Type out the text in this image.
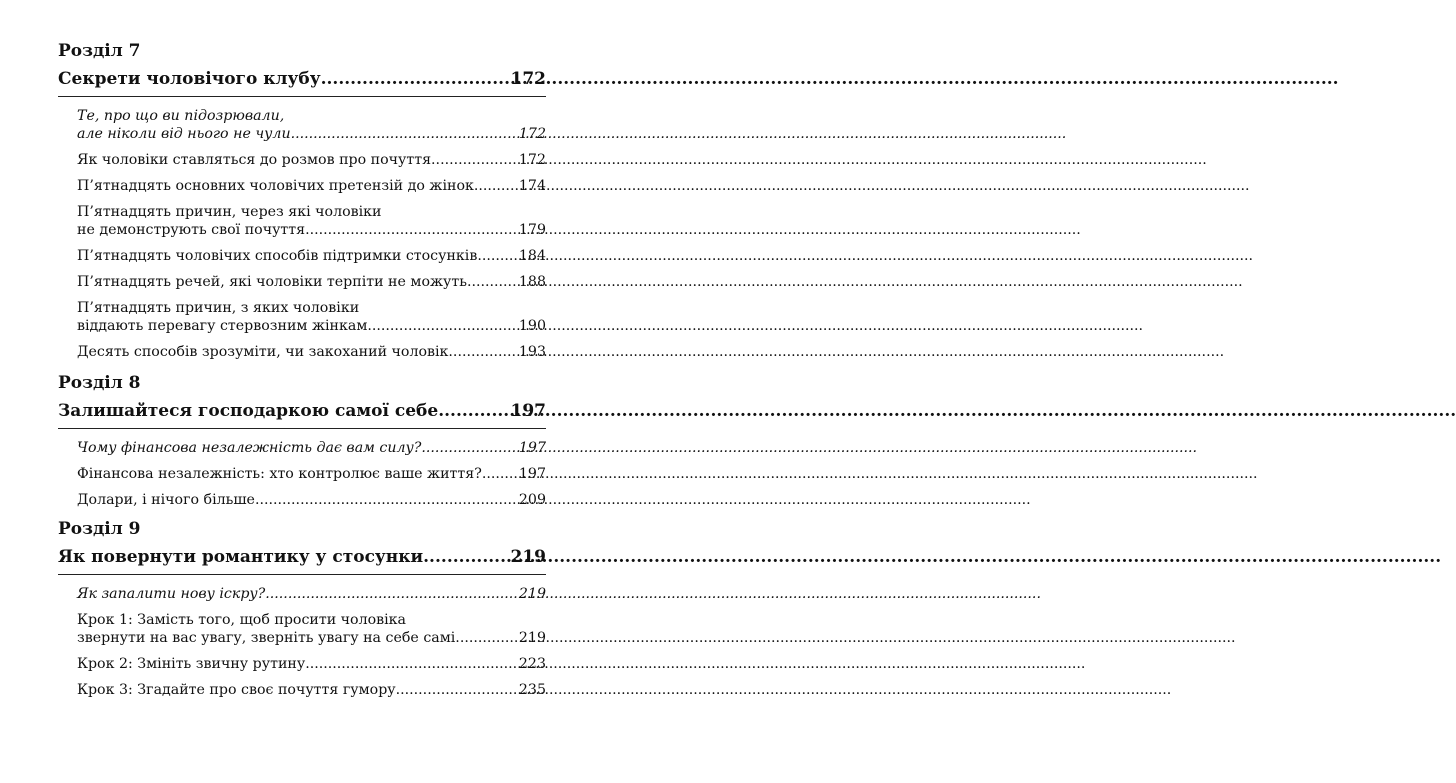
Розділ 7
Секрети чоловічого клубу .....	172
Те, про що ви підозрювали,
але ніколи від нього не чули .....	172
Як чоловіки ставляться до розмов про почуття .....	172
П’ятнадцять основних чоловічих претензій до жінок .....	174
П’ятнадцять причин, через які чоловіки
не демонструють свої почуття .....	179
П’ятнадцять чоловічих способів підтримки стосунків .....	184
П’ятнадцять речей, які чоловіки терпіти не можуть .....	188
П’ятнадцять причин, з яких чоловіки
віддають перевагу стервозним жінкам .....	190
Десять способів зрозуміти, чи закоханий чоловік .....	193
Розділ 8
Залишайтеся господаркою самої себе .....	197
Чому фінансова незалежність дає вам силу? .....	197
Фінансова незалежність: хто контролює ваше життя? .....	197
Долари, і нічого більше .....	209
Розділ 9
Як повернути романтику у стосунки .....	219
Як запалити нову іскру? .....	219
Крок 1: Замість того, щоб просити чоловіка
звернути на вас увагу, зверніть увагу на себе самі. .....	219
Крок 2: Змініть звичну рутину. .....	223
Крок 3: Згадайте про своє почуття гумору .....	235
